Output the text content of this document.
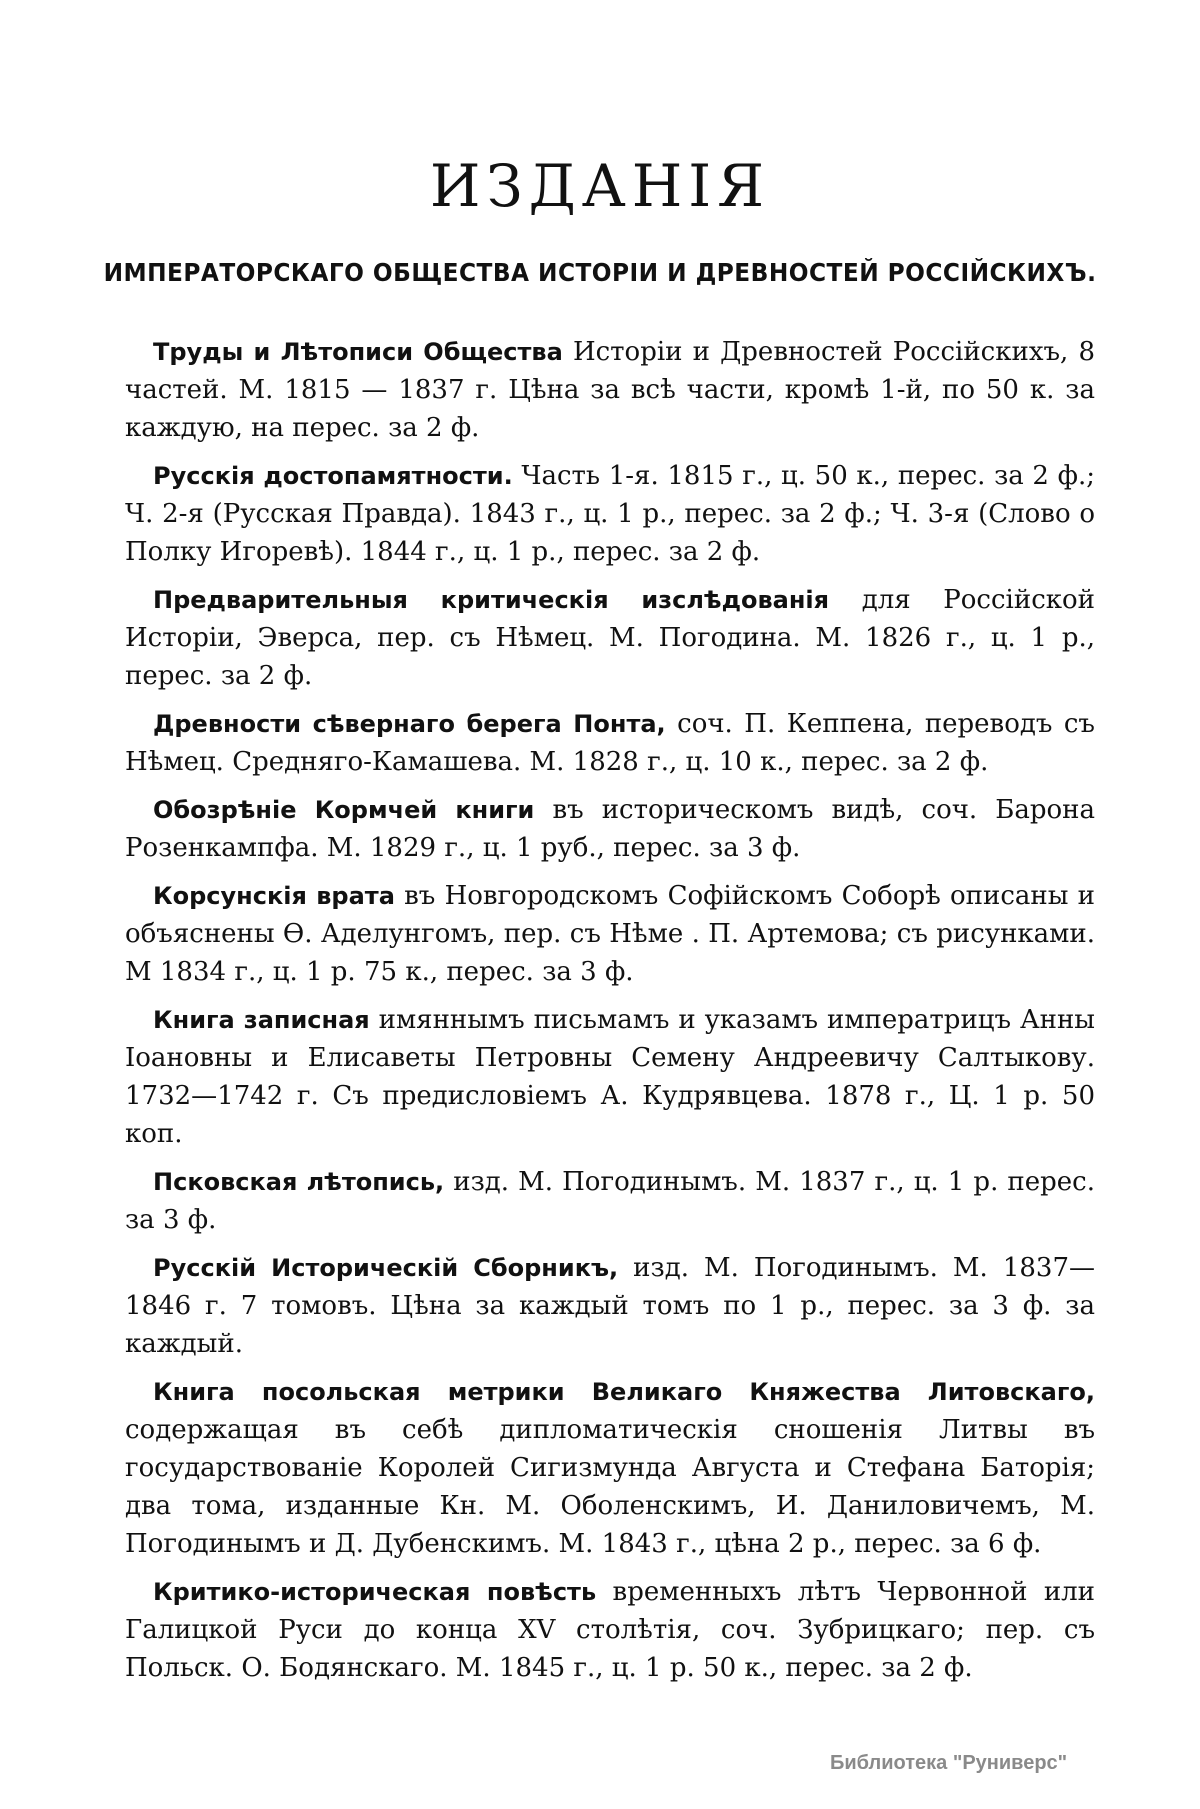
ИЗДАНІЯ
ИМПЕРАТОРСКАГО ОБЩЕСТВА ИСТОРІИ И ДРЕВНОСТЕЙ РОССІЙСКИХЪ.

Труды и Лѣтописи Общества Исторіи и Древностей Россійскихъ, 8 частей. М. 1815 — 1837 г. Цѣна за всѣ части, кромѣ 1-й, по 50 к. за каждую, на перес. за 2 ф.

Русскія достопамятности. Часть 1-я. 1815 г., ц. 50 к., перес. за 2 ф.; Ч. 2-я (Русская Правда). 1843 г., ц. 1 р., перес. за 2 ф.; Ч. 3-я (Слово о Полку Игоревѣ). 1844 г., ц. 1 р., перес. за 2 ф.

Предварительныя критическія изслѣдованія для Россійской Исторіи, Эверса, пер. съ Нѣмец. М. Погодина. М. 1826 г., ц. 1 р., перес. за 2 ф.

Древности сѣвернаго берега Понта, соч. П. Кеппена, переводъ съ Нѣмец. Средняго-Камашева. М. 1828 г., ц. 10 к., перес. за 2 ф.

Обозрѣніе Кормчей книги въ историческомъ видѣ, соч. Барона Розенкампфа. М. 1829 г., ц. 1 руб., перес. за 3 ф.

Корсунскія врата въ Новгородскомъ Софійскомъ Соборѣ описаны и объяснены Ѳ. Аделунгомъ, пер. съ Нѣме . П. Артемова; съ рисунками. М 1834 г., ц. 1 р. 75 к., перес. за 3 ф.

Книга записная имяннымъ письмамъ и указамъ императрицъ Анны Іоановны и Елисаветы Петровны Семену Андреевичу Салтыкову. 1732—1742 г. Съ предисловіемъ А. Кудрявцева. 1878 г., Ц. 1 р. 50 коп.

Псковская лѣтопись, изд. М. Погодинымъ. М. 1837 г., ц. 1 р. перес. за 3 ф.

Русскій Историческій Сборникъ, изд. М. Погодинымъ. М. 1837—1846 г. 7 томовъ. Цѣна за каждый томъ по 1 р., перес. за 3 ф. за каждый.

Книга посольская метрики Великаго Княжества Литовскаго, содержащая въ себѣ дипломатическія сношенія Литвы въ государствованіе Королей Сигизмунда Августа и Стефана Баторія; два тома, изданные Кн. М. Оболенскимъ, И. Даниловичемъ, М. Погодинымъ и Д. Дубенскимъ. М. 1843 г., цѣна 2 р., перес. за 6 ф.

Критико-историческая повѣсть временныхъ лѣтъ Червонной или Галицкой Руси до конца XV столѣтія, соч. Зубрицкаго; пер. съ Польск. О. Бодянскаго. М. 1845 г., ц. 1 р. 50 к., перес. за 2 ф.

Библиотека "Руниверс"
